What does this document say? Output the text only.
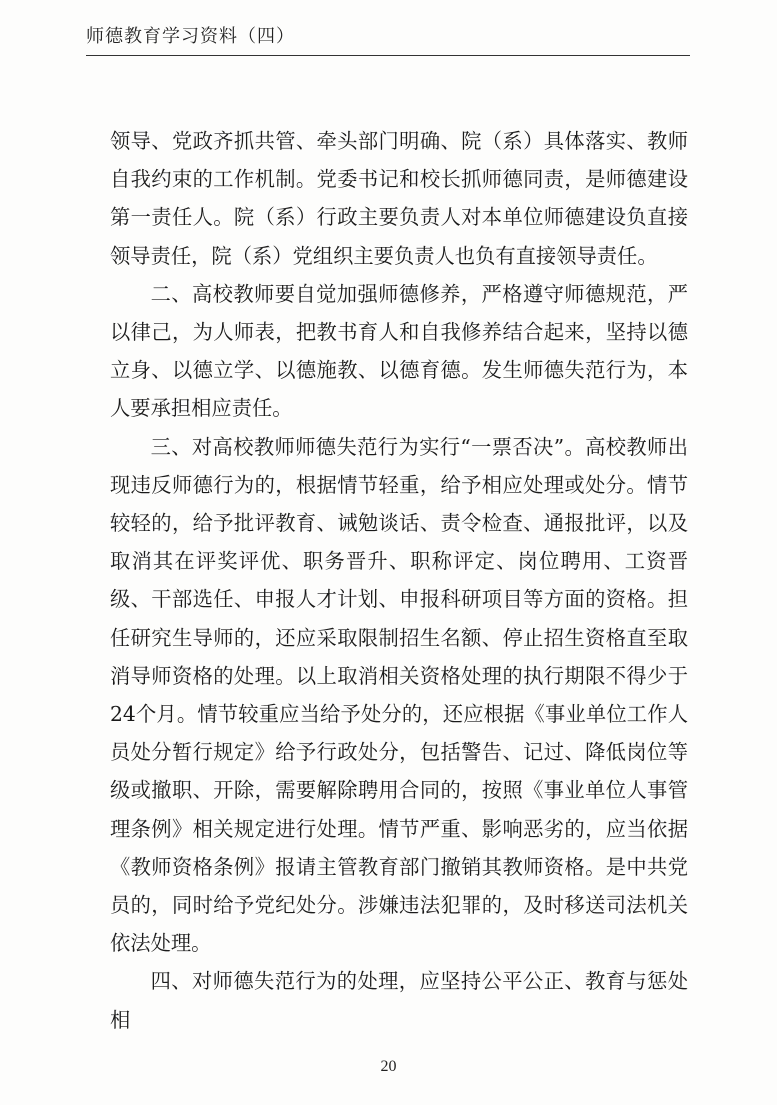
师德教育学习资料（四）

领导、党政齐抓共管、牵头部门明确、院（系）具体落实、教师自我约束的工作机制。党委书记和校长抓师德同责，是师德建设第一责任人。院（系）行政主要负责人对本单位师德建设负直接领导责任，院（系）党组织主要负责人也负有直接领导责任。

二、高校教师要自觉加强师德修养，严格遵守师德规范，严以律己，为人师表，把教书育人和自我修养结合起来，坚持以德立身、以德立学、以德施教、以德育德。发生师德失范行为，本人要承担相应责任。

三、对高校教师师德失范行为实行“一票否决”。高校教师出现违反师德行为的，根据情节轻重，给予相应处理或处分。情节较轻的，给予批评教育、诫勉谈话、责令检查、通报批评，以及取消其在评奖评优、职务晋升、职称评定、岗位聘用、工资晋级、干部选任、申报人才计划、申报科研项目等方面的资格。担任研究生导师的，还应采取限制招生名额、停止招生资格直至取消导师资格的处理。以上取消相关资格处理的执行期限不得少于24个月。情节较重应当给予处分的，还应根据《事业单位工作人员处分暂行规定》给予行政处分，包括警告、记过、降低岗位等级或撤职、开除，需要解除聘用合同的，按照《事业单位人事管理条例》相关规定进行处理。情节严重、影响恶劣的，应当依据《教师资格条例》报请主管教育部门撤销其教师资格。是中共党员的，同时给予党纪处分。涉嫌违法犯罪的，及时移送司法机关依法处理。

四、对师德失范行为的处理，应坚持公平公正、教育与惩处相

20
